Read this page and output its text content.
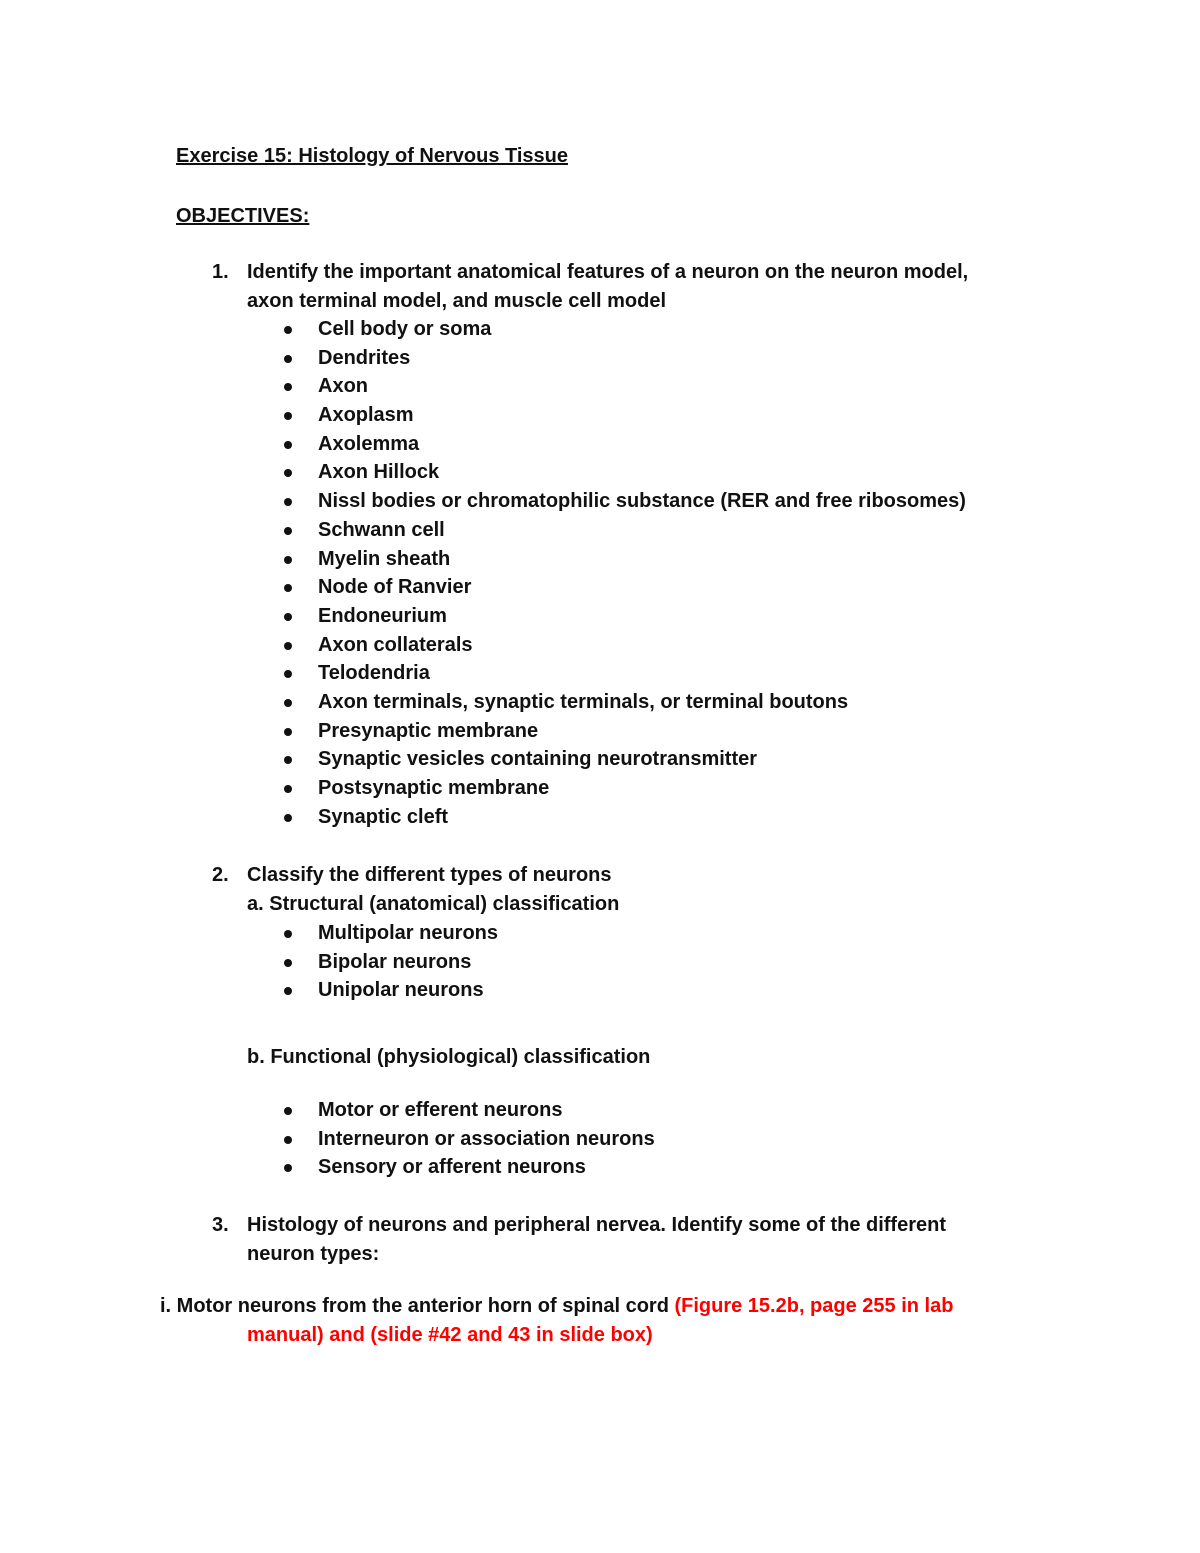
Exercise 15: Histology of Nervous Tissue
OBJECTIVES:
1. Identify the important anatomical features of a neuron on the neuron model,
axon terminal model, and muscle cell model
Cell body or soma
Dendrites
Axon
Axoplasm
Axolemma
Axon Hillock
Nissl bodies or chromatophilic substance (RER and free ribosomes)
Schwann cell
Myelin sheath
Node of Ranvier
Endoneurium
Axon collaterals
Telodendria
Axon terminals, synaptic terminals, or terminal boutons
Presynaptic membrane
Synaptic vesicles containing neurotransmitter
Postsynaptic membrane
Synaptic cleft
2. Classify the different types of neurons
a. Structural (anatomical) classification
Multipolar neurons
Bipolar neurons
Unipolar neurons
b. Functional (physiological) classification
Motor or efferent neurons
Interneuron or association neurons
Sensory or afferent neurons
3. Histology of neurons and peripheral nervea. Identify some of the different
neuron types:
i. Motor neurons from the anterior horn of spinal cord (Figure 15.2b, page 255 in lab
manual) and (slide #42 and 43 in slide box)
